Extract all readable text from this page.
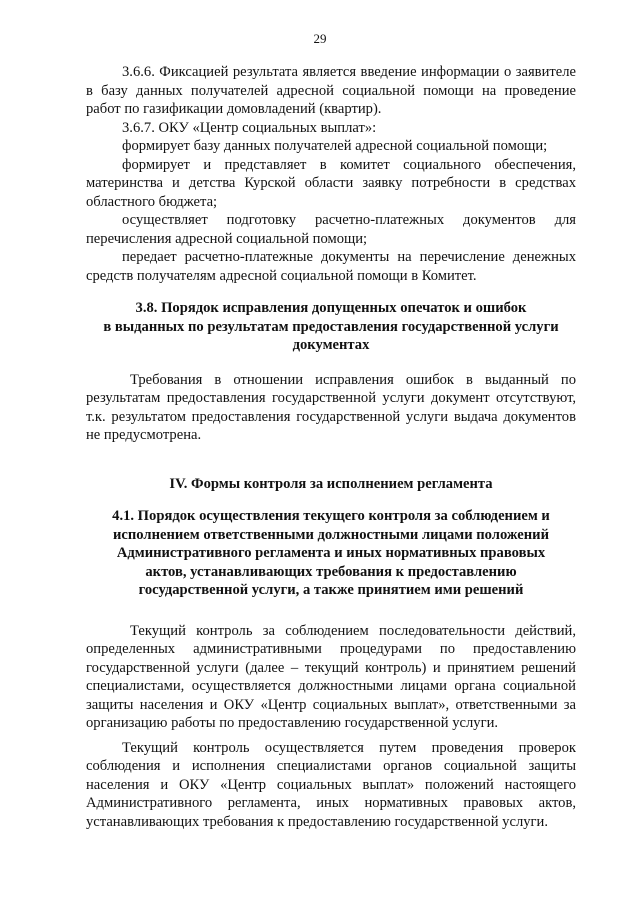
29

3.6.6. Фиксацией результата является введение информации о заявителе в базу данных получателей адресной социальной помощи на проведение работ по газификации домовладений (квартир).

3.6.7. ОКУ «Центр социальных выплат»:

формирует базу данных получателей адресной социальной помощи;

формирует и представляет в комитет социального обеспечения, материнства и детства Курской области заявку потребности в средствах областного бюджета;

осуществляет подготовку расчетно-платежных документов для перечисления адресной социальной помощи;

передает расчетно-платежные документы на перечисление денежных средств получателям адресной социальной помощи в Комитет.

3.8. Порядок исправления допущенных опечаток и ошибок
в выданных по результатам предоставления государственной услуги
документах

Требования в отношении исправления ошибок в выданный по результатам предоставления государственной услуги документ отсутствуют, т.к. результатом предоставления государственной услуги выдача документов не предусмотрена.

IV. Формы контроля за исполнением регламента
4.1. Порядок осуществления текущего контроля за соблюдением и
исполнением ответственными должностными лицами положений
Административного регламента и иных нормативных правовых
актов, устанавливающих требования к предоставлению
государственной услуги, а также принятием ими решений

Текущий контроль за соблюдением последовательности действий, определенных административными процедурами по предоставлению государственной услуги (далее – текущий контроль) и принятием решений специалистами, осуществляется должностными лицами органа социальной защиты населения и ОКУ «Центр социальных выплат», ответственными за организацию работы по предоставлению государственной услуги.

Текущий контроль осуществляется путем проведения проверок соблюдения и исполнения специалистами органов социальной защиты населения и ОКУ «Центр социальных выплат» положений настоящего Административного регламента, иных нормативных правовых актов, устанавливающих требования к предоставлению государственной услуги.
